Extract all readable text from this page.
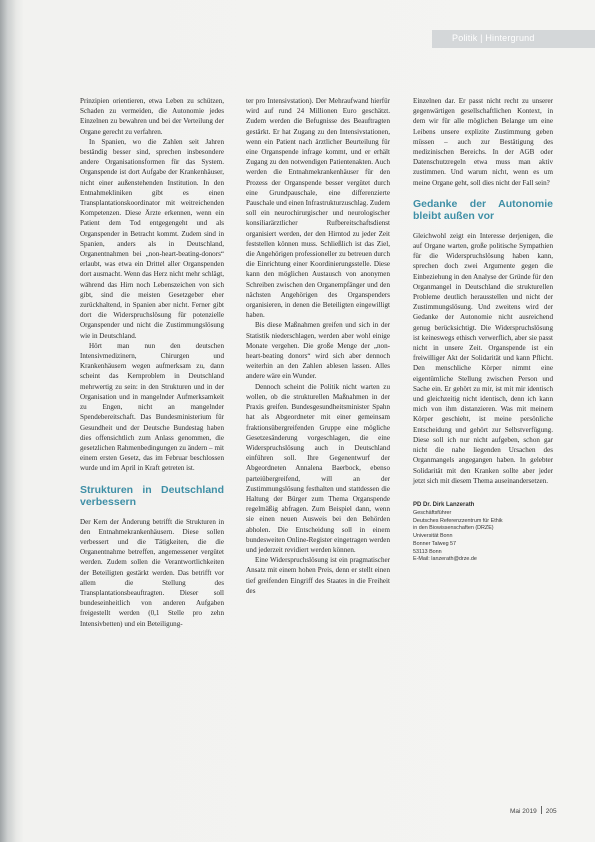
Politik | Hintergrund

Prinzipien orientieren, etwa Leben zu schützen, Schaden zu vermeiden, die Autonomie jedes Einzelnen zu bewahren und bei der Verteilung der Organe gerecht zu verfahren.

In Spanien, wo die Zahlen seit Jahren beständig besser sind, sprechen insbesondere andere Organisationsformen für das System. Organspende ist dort Aufgabe der Krankenhäuser, nicht einer außenstehenden Institution. In den Entnahmekliniken gibt es einen Transplantationskoordinator mit weitreichenden Kompetenzen. Diese Ärzte erkennen, wenn ein Patient dem Tod entgegengeht und als Organspender in Betracht kommt. Zudem sind in Spanien, anders als in Deutschland, Organentnahmen bei „non-heart-beating-donors“ erlaubt, was etwa ein Drittel aller Organspenden dort ausmacht. Wenn das Herz nicht mehr schlägt, während das Hirn noch Lebenszeichen von sich gibt, sind die meisten Gesetzgeber eher zurückhaltend, in Spanien aber nicht. Ferner gibt dort die Widerspruchslösung für potenzielle Organspender und nicht die Zustimmungslösung wie in Deutschland.

Hört man nun den deutschen Intensivmedizinern, Chirurgen und Krankenhäusern wegen aufmerksam zu, dann scheint das Kernproblem in Deutschland mehrwertig zu sein: in den Strukturen und in der Organisation und in mangelnder Aufmerksamkeit zu Engen, nicht an mangelnder Spendebereitschaft. Das Bundesministerium für Gesundheit und der Deutsche Bundestag haben dies offensichtlich zum Anlass genommen, die gesetzlichen Rahmenbedingungen zu ändern – mit einem ersten Gesetz, das im Februar beschlossen wurde und im April in Kraft getreten ist.

Strukturen in Deutschland verbessern

Der Kern der Änderung betrifft die Strukturen in den Entnahmekrankenhäusern. Diese sollen verbessert und die Tätigkeiten, die die Organentnahme betreffen, angemessener vergütet werden. Zudem sollen die Verantwortlichkeiten der Beteiligten gestärkt werden. Das betrifft vor allem die Stellung des Transplantationsbeauftragten. Dieser soll bundeseinheitlich von anderen Aufgaben freigestellt werden (0,1 Stelle pro zehn Intensivbetten) und ein Beteiligung-

ter pro Intensivstation). Der Mehraufwand hierfür wird auf rund 24 Millionen Euro geschätzt. Zudem werden die Befugnisse des Beauftragten gestärkt. Er hat Zugang zu den Intensivstationen, wenn ein Patient nach ärztlicher Beurteilung für eine Organspende infrage kommt, und er erhält Zugang zu den notwendigen Patientenakten. Auch werden die Entnahmekrankenhäuser für den Prozess der Organspende besser vergütet durch eine Grundpauschale, eine differenzierte Pauschale und einen Infrastrukturzuschlag. Zudem soll ein neurochirurgischer und neurologischer konsiliarärztlicher Rufbereitschaftsdienst organisiert werden, der den Hirntod zu jeder Zeit feststellen können muss. Schließlich ist das Ziel, die Angehörigen professioneller zu betreuen durch die Einrichtung einer Koordinierungsstelle. Diese kann den möglichen Austausch von anonymen Schreiben zwischen den Organempfänger und den nächsten Angehörigen des Organspenders organisieren, in denen die Beteiligten eingewilligt haben.

Bis diese Maßnahmen greifen und sich in der Statistik niederschlagen, werden aber wohl einige Monate vergehen. Die große Menge der „non-heart-beating donors“ wird sich aber dennoch weiterhin an den Zahlen ablesen lassen. Alles andere wäre ein Wunder.

Dennoch scheint die Politik nicht warten zu wollen, ob die strukturellen Maßnahmen in der Praxis greifen. Bundesgesundheitsminister Spahn hat als Abgeordneter mit einer gemeinsam fraktionsübergreifenden Gruppe eine mögliche Gesetzesänderung vorgeschlagen, die eine Widerspruchslösung auch in Deutschland einführen soll. Ihre Gegenentwurf der Abgeordneten Annalena Baerbock, ebenso parteiübergreifend, will an der Zustimmungslösung festhalten und stattdessen die Haltung der Bürger zum Thema Organspende regelmäßig abfragen. Zum Beispiel dann, wenn sie einen neuen Ausweis bei den Behörden abholen. Die Entscheidung soll in einem bundesweiten Online-Register eingetragen werden und jederzeit revidiert werden können.

Eine Widerspruchslösung ist ein pragmatischer Ansatz mit einem hohen Preis, denn er stellt einen tief greifenden Eingriff des Staates in die Freiheit des

Einzelnen dar. Er passt nicht recht zu unserer gegenwärtigen gesellschaftlichen Kontext, in dem wir für alle möglichen Belange um eine Leibens unsere explizite Zustimmung geben müssen – auch zur Bestätigung des medizinischen Bereichs. In der AGB oder Datenschutzregeln etwa muss man aktiv zustimmen. Und warum nicht, wenn es um meine Organe geht, soll dies nicht der Fall sein?

Gedanke der Autonomie bleibt außen vor

Gleichwohl zeigt ein Interesse derjenigen, die auf Organe warten, große politische Sympathien für die Widerspruchslösung haben kann, sprechen doch zwei Argumente gegen die Einbeziehung in den Analyse der Gründe für den Organmangel in Deutschland die strukturellen Probleme deutlich herausstellen und nicht der Zustimmungslösung. Und zweitens wird der Gedanke der Autonomie nicht ausreichend genug berücksichtigt. Die Widerspruchslösung ist keineswegs ethisch verwerflich, aber sie passt nicht in unsere Zeit. Organspende ist ein freiwilliger Akt der Solidarität und kann Pflicht. Den menschliche Körper nimmt eine eigentümliche Stellung zwischen Person und Sache ein. Er gehört zu mir, ist mit mir identisch und gleichzeitig nicht identisch, denn ich kann mich von ihm distanzieren. Was mit meinem Körper geschieht, ist meine persönliche Entscheidung und gehört zur Selbstverfügung. Diese soll ich nur nicht aufgeben, schon gar nicht die nahe liegenden Ursachen des Organmangels angegangen haben. In gelebter Solidarität mit den Kranken sollte aber jeder jetzt sich mit diesem Thema auseinandersetzen.

PD Dr. Dirk Lanzerath
Geschäftsführer
Deutsches Referenzzentrum für Ethik
in den Biowissenschaften (DRZE)
Universität Bonn
Bonner Talweg 57
53113 Bonn
E-Mail: lanzerath@drze.de
Mai 2019 205
